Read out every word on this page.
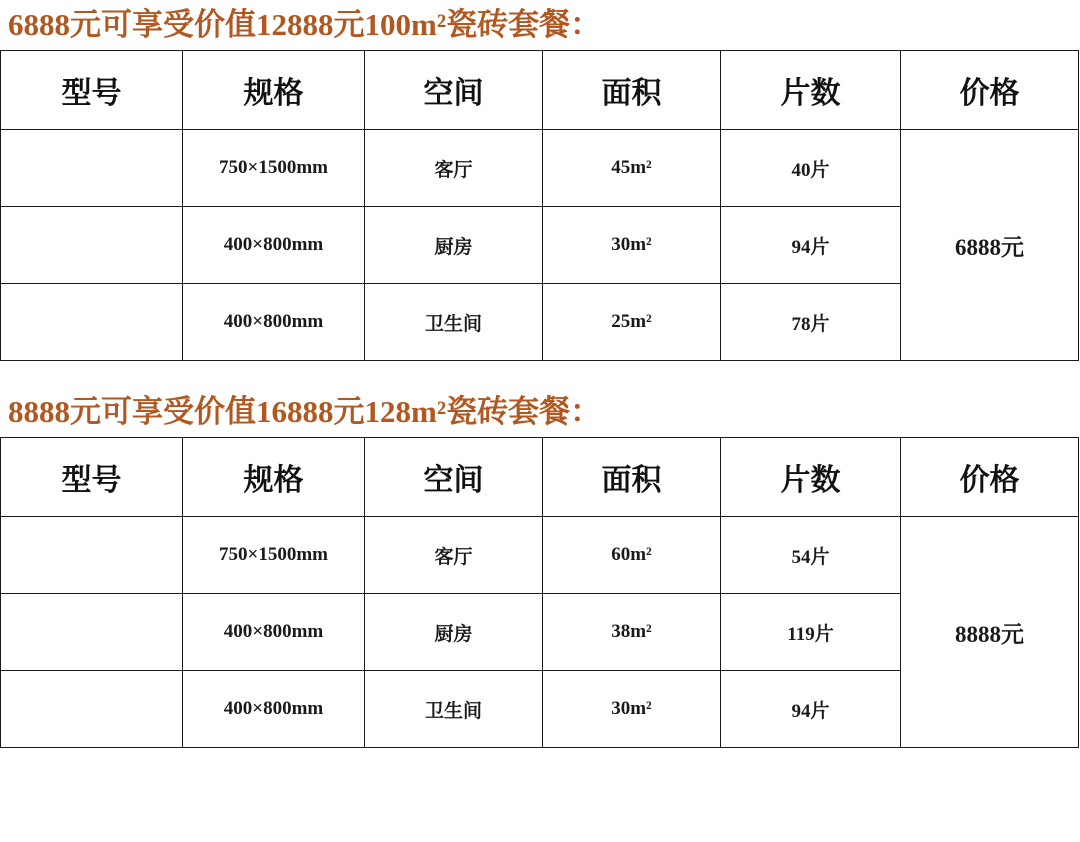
6888元可享受价值12888元100m²瓷砖套餐：
型号	规格	空间	面积	片数	价格
	750×1500mm	客厅	45m²	40片	6888元
	400×800mm	厨房	30m²	94片	
	400×800mm	卫生间	25m²	78片	
8888元可享受价值16888元128m²瓷砖套餐：
型号	规格	空间	面积	片数	价格
	750×1500mm	客厅	60m²	54片	8888元
	400×800mm	厨房	38m²	119片	
	400×800mm	卫生间	30m²	94片	
